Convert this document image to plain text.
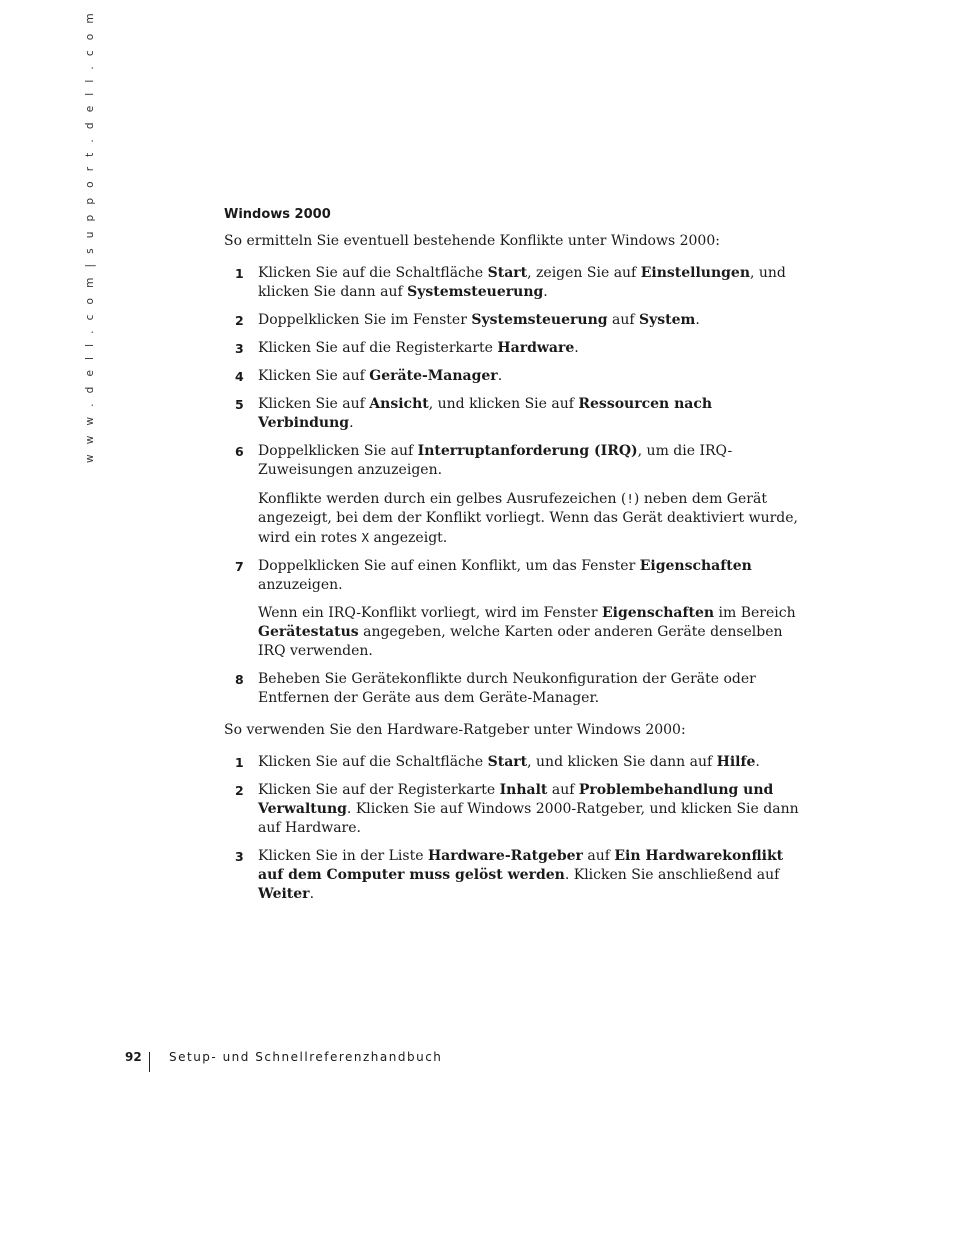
w w w . d e l l . c o m | s u p p o r t . d e l l . c o m	Windows 2000

So ermitteln Sie eventuell bestehende Konflikte unter Windows 2000:

1 Klicken Sie auf die Schaltfläche Start, zeigen Sie auf Einstellungen, und klicken Sie dann auf Systemsteuerung.
2 Doppelklicken Sie im Fenster Systemsteuerung auf System.
3 Klicken Sie auf die Registerkarte Hardware.
4 Klicken Sie auf Geräte-Manager.
5 Klicken Sie auf Ansicht, und klicken Sie auf Ressourcen nach Verbindung.
6 Doppelklicken Sie auf Interruptanforderung (IRQ), um die IRQ-Zuweisungen anzuzeigen.
Konflikte werden durch ein gelbes Ausrufezeichen (!) neben dem Gerät angezeigt, bei dem der Konflikt vorliegt. Wenn das Gerät deaktiviert wurde, wird ein rotes X angezeigt.
7 Doppelklicken Sie auf einen Konflikt, um das Fenster Eigenschaften anzuzeigen.
Wenn ein IRQ-Konflikt vorliegt, wird im Fenster Eigenschaften im Bereich Gerätestatus angegeben, welche Karten oder anderen Geräte denselben IRQ verwenden.
8 Beheben Sie Gerätekonflikte durch Neukonfiguration der Geräte oder Entfernen der Geräte aus dem Geräte-Manager.

So verwenden Sie den Hardware-Ratgeber unter Windows 2000:

1 Klicken Sie auf die Schaltfläche Start, und klicken Sie dann auf Hilfe.
2 Klicken Sie auf der Registerkarte Inhalt auf Problembehandlung und Verwaltung. Klicken Sie auf Windows 2000-Ratgeber, und klicken Sie dann auf Hardware.
3 Klicken Sie in der Liste Hardware-Ratgeber auf Ein Hardwarekonflikt auf dem Computer muss gelöst werden. Klicken Sie anschließend auf Weiter.
92 Setup- und Schnellreferenzhandbuch
